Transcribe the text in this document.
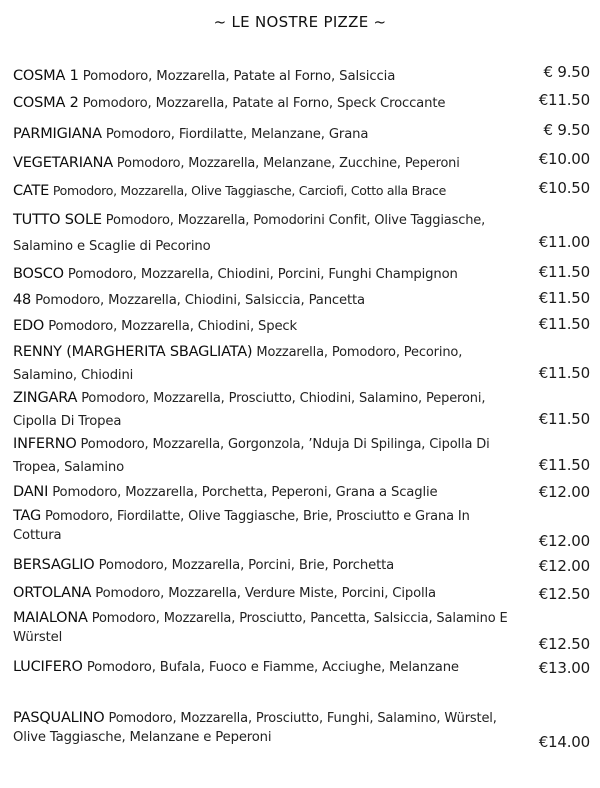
~ LE NOSTRE PIZZE ~
COSMA 1 Pomodoro, Mozzarella, Patate al Forno, Salsiccia	€ 9.50
COSMA 2 Pomodoro, Mozzarella, Patate al Forno, Speck Croccante	€11.50
PARMIGIANA Pomodoro, Fiordilatte, Melanzane, Grana	€ 9.50
VEGETARIANA Pomodoro, Mozzarella, Melanzane, Zucchine, Peperoni	€10.00
CATE Pomodoro, Mozzarella, Olive Taggiasche, Carciofi, Cotto alla Brace	€10.50
TUTTO SOLE Pomodoro, Mozzarella, Pomodorini Confit, Olive Taggiasche,
Salamino e Scaglie di Pecorino	€11.00
BOSCO Pomodoro, Mozzarella, Chiodini, Porcini, Funghi Champignon	€11.50
48 Pomodoro, Mozzarella, Chiodini, Salsiccia, Pancetta	€11.50
EDO Pomodoro, Mozzarella, Chiodini, Speck	€11.50
RENNY (MARGHERITA SBAGLIATA) Mozzarella, Pomodoro, Pecorino,
Salamino, Chiodini	€11.50
ZINGARA Pomodoro, Mozzarella, Prosciutto, Chiodini, Salamino, Peperoni,
Cipolla Di Tropea	€11.50
INFERNO Pomodoro, Mozzarella, Gorgonzola, ’Nduja Di Spilinga, Cipolla Di
Tropea, Salamino	€11.50
DANI Pomodoro, Mozzarella, Porchetta, Peperoni, Grana a Scaglie	€12.00
TAG Pomodoro, Fiordilatte, Olive Taggiasche, Brie, Prosciutto e Grana In
Cottura	€12.00
BERSAGLIO Pomodoro, Mozzarella, Porcini, Brie, Porchetta	€12.00
ORTOLANA Pomodoro, Mozzarella, Verdure Miste, Porcini, Cipolla	€12.50
MAIALONA Pomodoro, Mozzarella, Prosciutto, Pancetta, Salsiccia, Salamino E
Würstel	€12.50
LUCIFERO Pomodoro, Bufala, Fuoco e Fiamme, Acciughe, Melanzane	€13.00
PASQUALINO Pomodoro, Mozzarella, Prosciutto, Funghi, Salamino, Würstel,
Olive Taggiasche, Melanzane e Peperoni	€14.00
